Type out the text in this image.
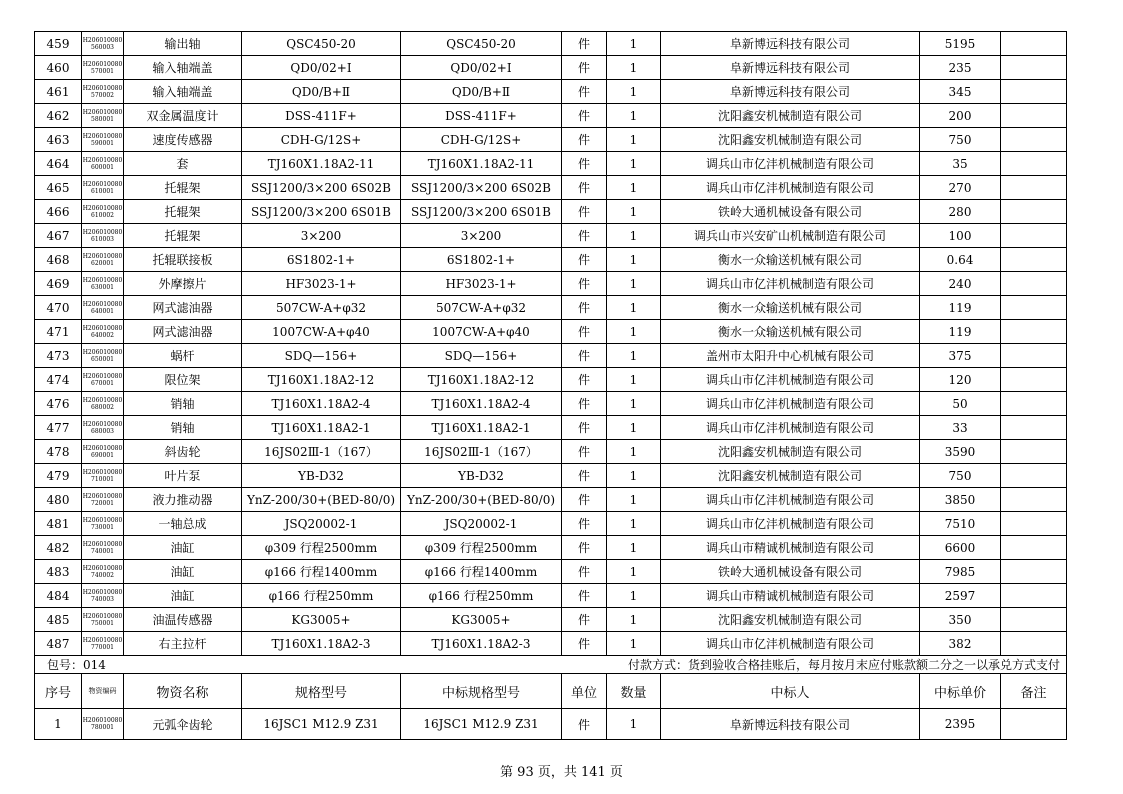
459	H206010080560003	输出轴	QSC450-20	QSC450-20	件	1	阜新博远科技有限公司	5195	
460	H206010080570001	输入轴端盖	QD0/02+Ⅰ	QD0/02+Ⅰ	件	1	阜新博远科技有限公司	235	
461	H206010080570002	输入轴端盖	QD0/B+Ⅱ	QD0/B+Ⅱ	件	1	阜新博远科技有限公司	345	
462	H206010080580001	双金属温度计	DSS-411F+	DSS-411F+	件	1	沈阳鑫安机械制造有限公司	200	
463	H206010080590001	速度传感器	CDH-G/12S+	CDH-G/12S+	件	1	沈阳鑫安机械制造有限公司	750	
464	H206010080600001	套	TJ160X1.18A2-11	TJ160X1.18A2-11	件	1	调兵山市亿沣机械制造有限公司	35	
465	H206010080610001	托辊架	SSJ1200/3×200 6S02B	SSJ1200/3×200 6S02B	件	1	调兵山市亿沣机械制造有限公司	270	
466	H206010080610002	托辊架	SSJ1200/3×200 6S01B	SSJ1200/3×200 6S01B	件	1	铁岭大通机械设备有限公司	280	
467	H206010080610003	托辊架	3×200	3×200	件	1	调兵山市兴安矿山机械制造有限公司	100	
468	H206010080620001	托辊联接板	6S1802-1+	6S1802-1+	件	1	衡水一众输送机械有限公司	0.64	
469	H206010080630001	外摩擦片	HF3023-1+	HF3023-1+	件	1	调兵山市亿沣机械制造有限公司	240	
470	H206010080640001	网式滤油器	507CW-A+φ32	507CW-A+φ32	件	1	衡水一众输送机械有限公司	119	
471	H206010080640002	网式滤油器	1007CW-A+φ40	1007CW-A+φ40	件	1	衡水一众输送机械有限公司	119	
473	H206010080650001	蜗杆	SDQ—156+	SDQ—156+	件	1	盖州市太阳升中心机械有限公司	375	
474	H206010080670001	限位架	TJ160X1.18A2-12	TJ160X1.18A2-12	件	1	调兵山市亿沣机械制造有限公司	120	
476	H206010080680002	销轴	TJ160X1.18A2-4	TJ160X1.18A2-4	件	1	调兵山市亿沣机械制造有限公司	50	
477	H206010080680003	销轴	TJ160X1.18A2-1	TJ160X1.18A2-1	件	1	调兵山市亿沣机械制造有限公司	33	
478	H206010080690001	斜齿轮	16JS02Ⅲ-1（167）	16JS02Ⅲ-1（167）	件	1	沈阳鑫安机械制造有限公司	3590	
479	H206010080710001	叶片泵	YB-D32	YB-D32	件	1	沈阳鑫安机械制造有限公司	750	
480	H206010080720001	液力推动器	YnZ-200/30+(BED-80/0)	YnZ-200/30+(BED-80/0)	件	1	调兵山市亿沣机械制造有限公司	3850	
481	H206010080730001	一轴总成	JSQ20002-1	JSQ20002-1	件	1	调兵山市亿沣机械制造有限公司	7510	
482	H206010080740001	油缸	φ309 行程2500mm	φ309 行程2500mm	件	1	调兵山市精诚机械制造有限公司	6600	
483	H206010080740002	油缸	φ166 行程1400mm	φ166 行程1400mm	件	1	铁岭大通机械设备有限公司	7985	
484	H206010080740003	油缸	φ166 行程250mm	φ166 行程250mm	件	1	调兵山市精诚机械制造有限公司	2597	
485	H206010080750001	油温传感器	KG3005+	KG3005+	件	1	沈阳鑫安机械制造有限公司	350	
487	H206010080770001	右主拉杆	TJ160X1.18A2-3	TJ160X1.18A2-3	件	1	调兵山市亿沣机械制造有限公司	382	
包号：014						付款方式：货到验收合格挂账后，每月按月末应付账款额二分之一以承兑方式支付			
序号	物资编码	物资名称	规格型号	中标规格型号	单位	数量	中标人	中标单价	备注
1	H206010080780001	元弧伞齿轮	16JSC1 M12.9 Z31	16JSC1 M12.9 Z31	件	1	阜新博远科技有限公司	2395	
第 93 页，共 141 页
